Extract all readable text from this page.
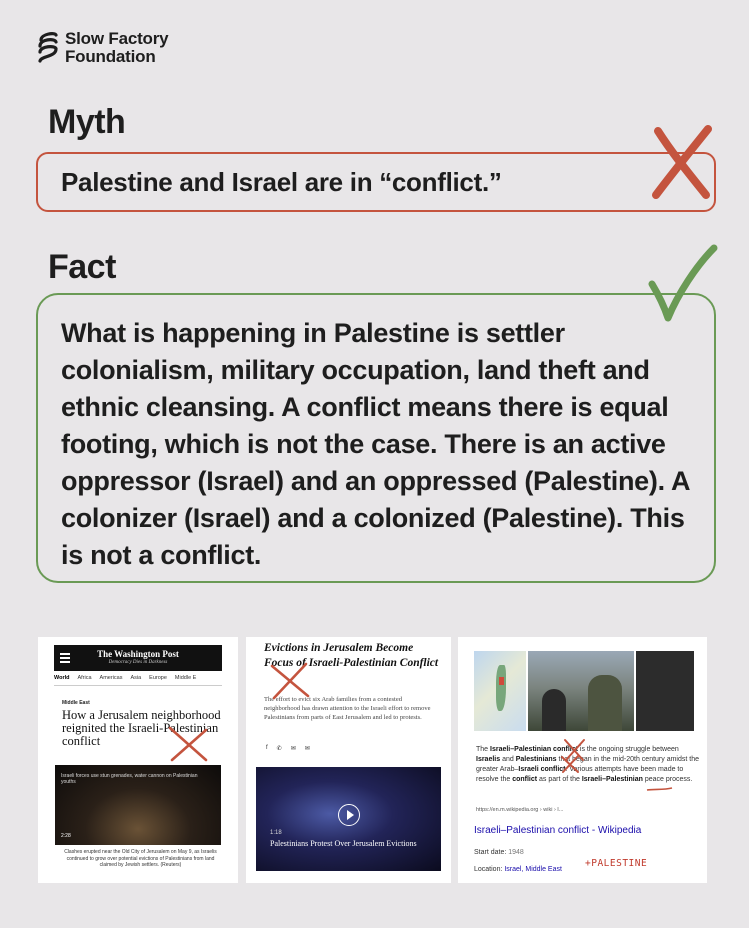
Slow Factory
Foundation
Myth
Palestine and Israel are in “conflict.”
Fact
What is happening in Palestine is settler colonialism, military occupation, land theft and ethnic cleansing. A conflict means there is equal footing, which is not the case. There is an active oppressor (Israel) and an oppressed (Palestine). A colonizer (Israel) and a colonized (Palestine). This is not a conflict.
The Washington Post
Democracy Dies in Darkness
World Africa Americas Asia Europe Middle E
Middle East
How a Jerusalem neighborhood reignited the Israeli-Palestinian conflict
Israeli forces use stun grenades, water cannon on Palestinian youths
2:28
Clashes erupted near the Old City of Jerusalem on May 9, as Israelis continued to grow over potential evictions of Palestinians from land claimed by Jewish settlers. (Reuters)
Evictions in Jerusalem Become Focus of Israeli-Palestinian Conflict
The effort to evict six Arab families from a contested neighborhood has drawn attention to the Israeli effort to remove Palestinians from parts of East Jerusalem and led to protests.
f ✆ ✉ ✉
1:18
Palestinians Protest Over Jerusalem Evictions
The Israeli–Palestinian conflict is the ongoing struggle between Israelis and Palestinians that began in the mid-20th century amidst the greater Arab–Israeli conflict. Various attempts have been made to resolve the conflict as part of the Israeli–Palestinian peace process.
https://en.m.wikipedia.org › wiki › I...
Israeli–Palestinian conflict - Wikipedia
Start date: 1948
Location: Israel, Middle East
+PALESTINE
